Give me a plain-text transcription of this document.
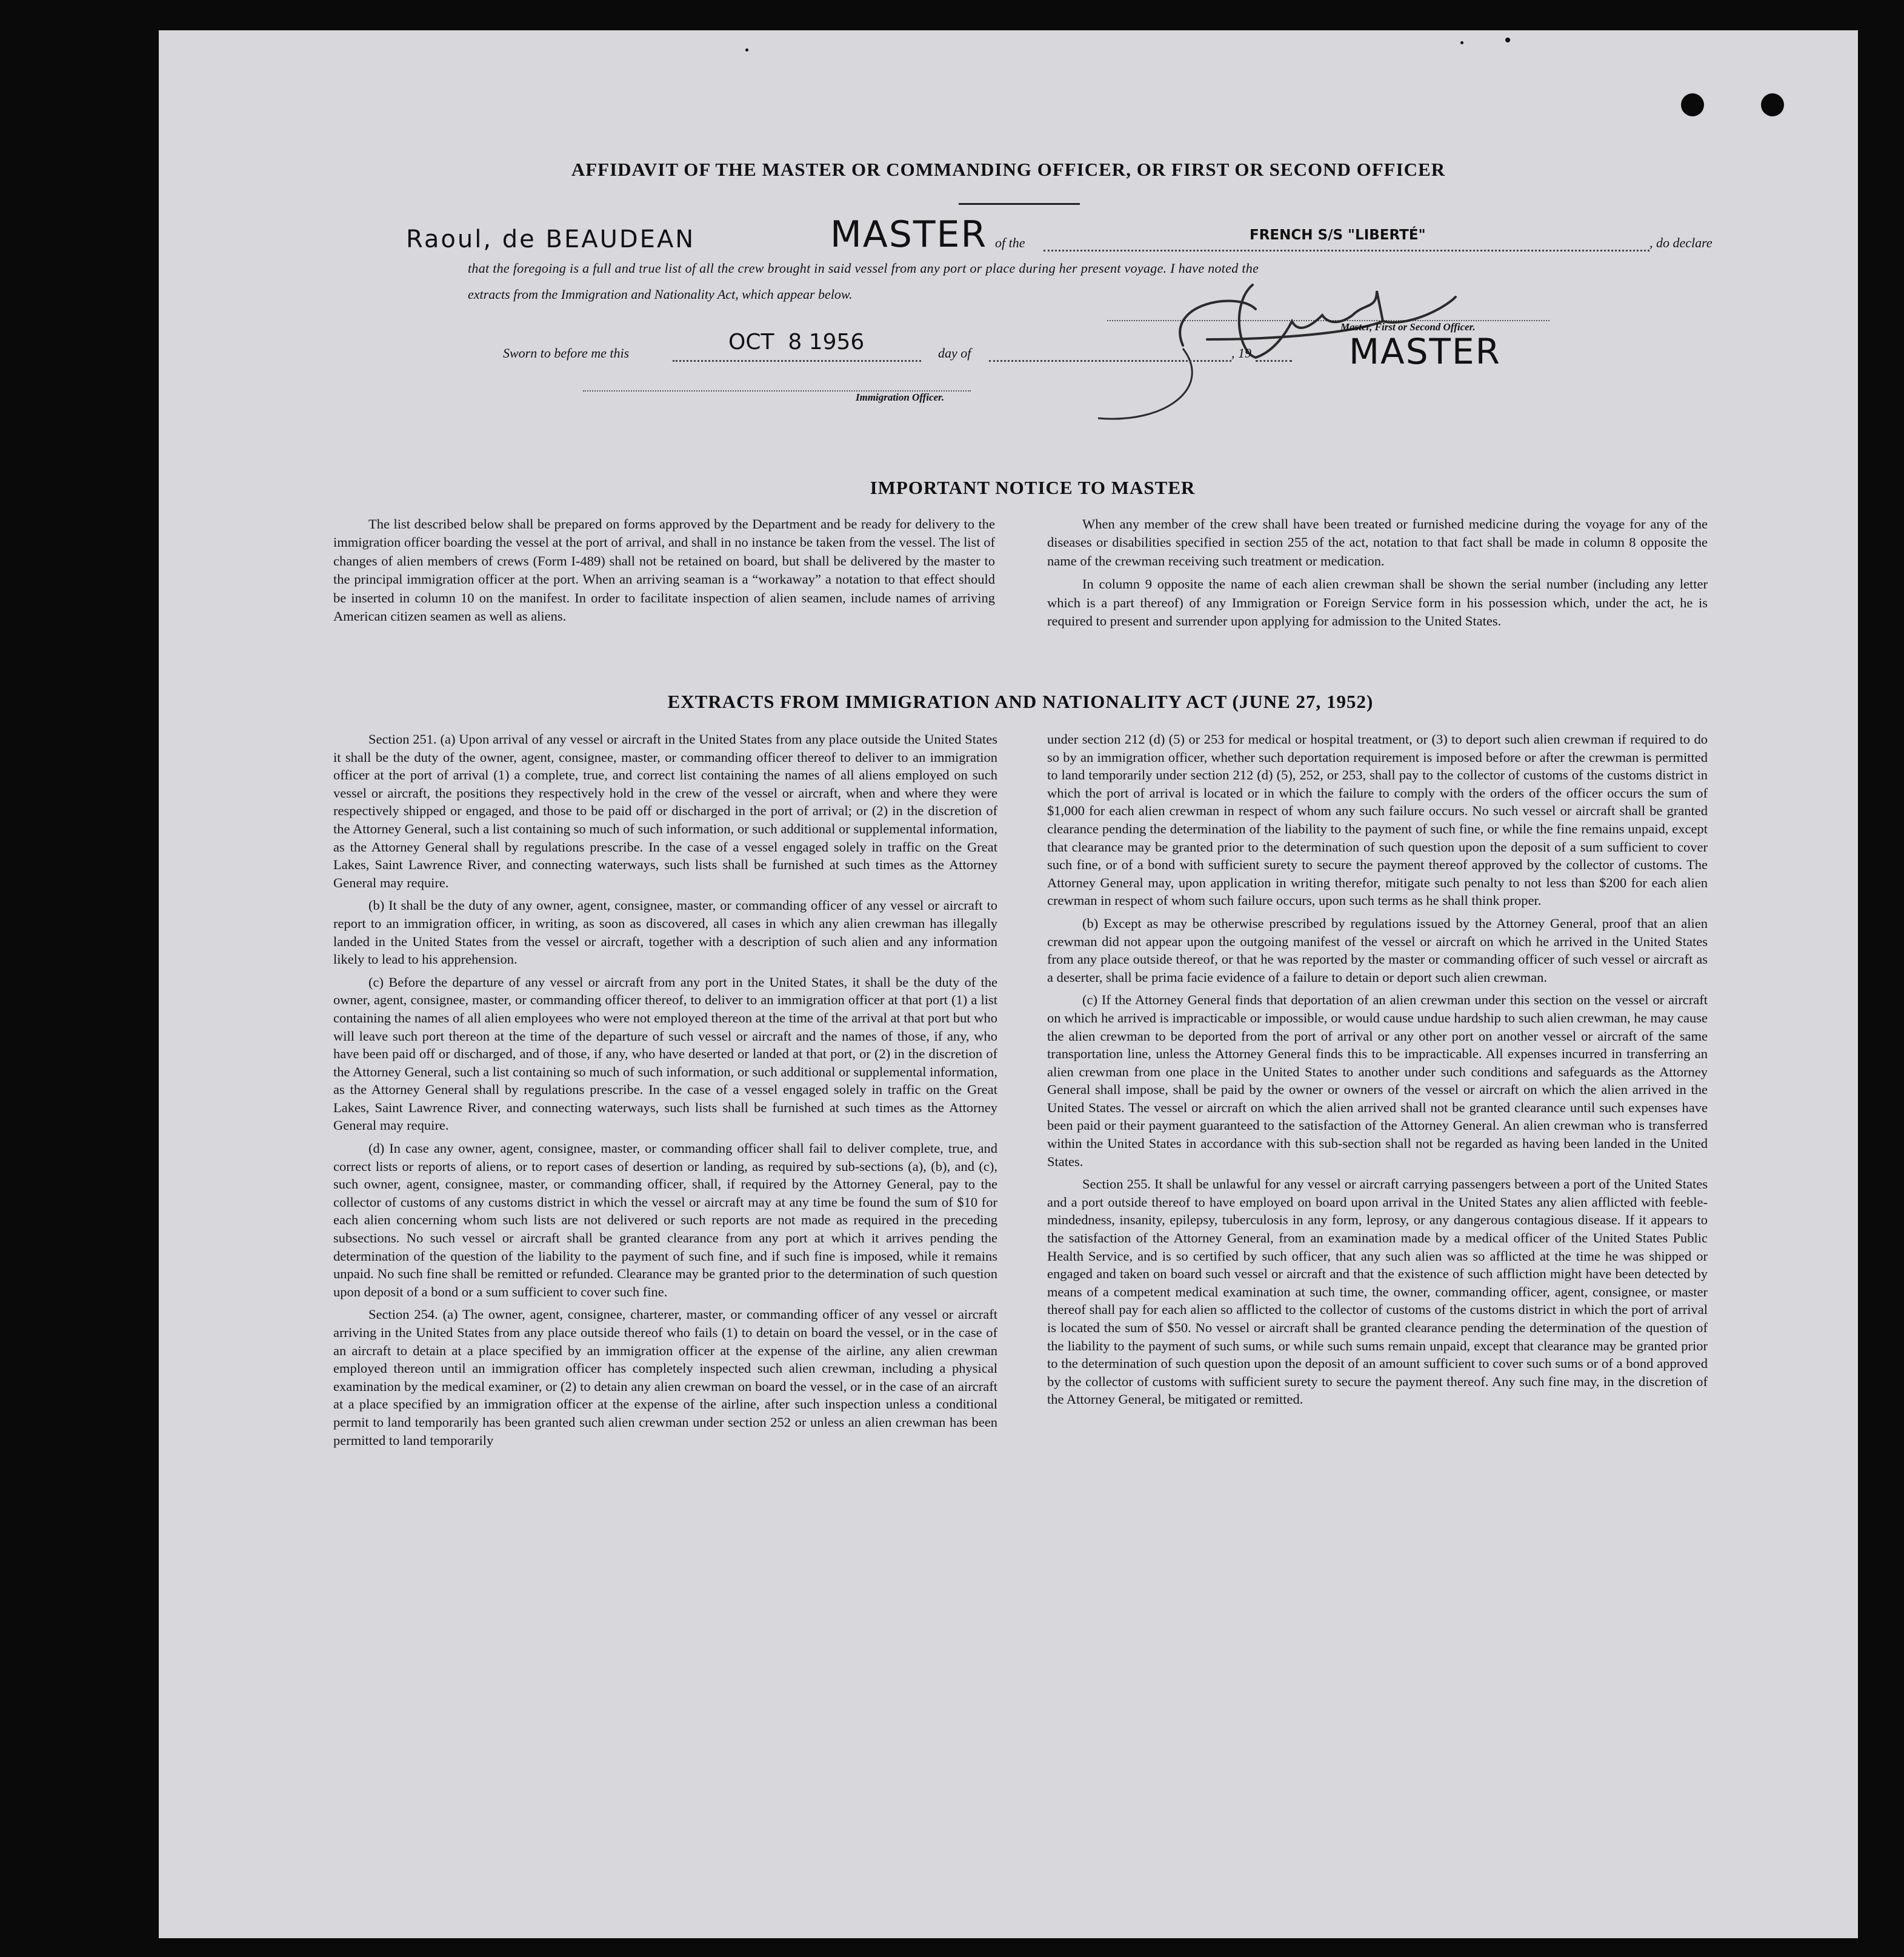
AFFIDAVIT OF THE MASTER OR COMMANDING OFFICER, OR FIRST OR SECOND OFFICER
Raoul, de BEAUDEAN	MASTER of the	FRENCH S/S "LIBERTÉ"	, do declare
that the foregoing is a full and true list of all the crew brought in said vessel from any port or place during her present voyage. I have noted the
extracts from the Immigration and Nationality Act, which appear below.
Master, First or Second Officer.
MASTER
Sworn to before me this	OCT  8 1956	day of	, 19
Immigration Officer.
IMPORTANT NOTICE TO MASTER

The list described below shall be prepared on forms approved by the Department and be ready for delivery to the immigration officer boarding the vessel at the port of arrival, and shall in no instance be taken from the vessel. The list of changes of alien members of crews (Form I-489) shall not be retained on board, but shall be delivered by the master to the principal immigration officer at the port. When an arriving seaman is a “workaway” a notation to that effect should be inserted in column 10 on the manifest. In order to facilitate inspection of alien seamen, include names of arriving American citizen seamen as well as aliens.

When any member of the crew shall have been treated or furnished medicine during the voyage for any of the diseases or disabilities specified in section 255 of the act, notation to that fact shall be made in column 8 opposite the name of the crewman receiving such treatment or medication.

In column 9 opposite the name of each alien crewman shall be shown the serial number (including any letter which is a part thereof) of any Immigration or Foreign Service form in his possession which, under the act, he is required to present and surrender upon applying for admission to the United States.

EXTRACTS FROM IMMIGRATION AND NATIONALITY ACT (JUNE 27, 1952)

Section 251. (a) Upon arrival of any vessel or aircraft in the United States from any place outside the United States it shall be the duty of the owner, agent, consignee, master, or commanding officer thereof to deliver to an immigration officer at the port of arrival (1) a complete, true, and correct list containing the names of all aliens employed on such vessel or aircraft, the positions they respectively hold in the crew of the vessel or aircraft, when and where they were respectively shipped or engaged, and those to be paid off or discharged in the port of arrival; or (2) in the discretion of the Attorney General, such a list containing so much of such information, or such additional or supplemental information, as the Attorney General shall by regulations prescribe. In the case of a vessel engaged solely in traffic on the Great Lakes, Saint Lawrence River, and connecting waterways, such lists shall be furnished at such times as the Attorney General may require.

(b) It shall be the duty of any owner, agent, consignee, master, or commanding officer of any vessel or aircraft to report to an immigration officer, in writing, as soon as discovered, all cases in which any alien crewman has illegally landed in the United States from the vessel or aircraft, together with a description of such alien and any information likely to lead to his apprehension.

(c) Before the departure of any vessel or aircraft from any port in the United States, it shall be the duty of the owner, agent, consignee, master, or commanding officer thereof, to deliver to an immigration officer at that port (1) a list containing the names of all alien employees who were not employed thereon at the time of the arrival at that port but who will leave such port thereon at the time of the departure of such vessel or aircraft and the names of those, if any, who have been paid off or discharged, and of those, if any, who have deserted or landed at that port, or (2) in the discretion of the Attorney General, such a list containing so much of such information, or such additional or supplemental information, as the Attorney General shall by regulations prescribe. In the case of a vessel engaged solely in traffic on the Great Lakes, Saint Lawrence River, and connecting waterways, such lists shall be furnished at such times as the Attorney General may require.

(d) In case any owner, agent, consignee, master, or commanding officer shall fail to deliver complete, true, and correct lists or reports of aliens, or to report cases of desertion or landing, as required by sub-sections (a), (b), and (c), such owner, agent, consignee, master, or commanding officer, shall, if required by the Attorney General, pay to the collector of customs of any customs district in which the vessel or aircraft may at any time be found the sum of $10 for each alien concerning whom such lists are not delivered or such reports are not made as required in the preceding subsections. No such vessel or aircraft shall be granted clearance from any port at which it arrives pending the determination of the question of the liability to the payment of such fine, and if such fine is imposed, while it remains unpaid. No such fine shall be remitted or refunded. Clearance may be granted prior to the determination of such question upon deposit of a bond or a sum sufficient to cover such fine.

Section 254. (a) The owner, agent, consignee, charterer, master, or commanding officer of any vessel or aircraft arriving in the United States from any place outside thereof who fails (1) to detain on board the vessel, or in the case of an aircraft to detain at a place specified by an immigration officer at the expense of the airline, any alien crewman employed thereon until an immigration officer has completely inspected such alien crewman, including a physical examination by the medical examiner, or (2) to detain any alien crewman on board the vessel, or in the case of an aircraft at a place specified by an immigration officer at the expense of the airline, after such inspection unless a conditional permit to land temporarily has been granted such alien crewman under section 252 or unless an alien crewman has been permitted to land temporarily

under section 212 (d) (5) or 253 for medical or hospital treatment, or (3) to deport such alien crewman if required to do so by an immigration officer, whether such deportation requirement is imposed before or after the crewman is permitted to land temporarily under section 212 (d) (5), 252, or 253, shall pay to the collector of customs of the customs district in which the port of arrival is located or in which the failure to comply with the orders of the officer occurs the sum of $1,000 for each alien crewman in respect of whom any such failure occurs. No such vessel or aircraft shall be granted clearance pending the determination of the liability to the payment of such fine, or while the fine remains unpaid, except that clearance may be granted prior to the determination of such question upon the deposit of a sum sufficient to cover such fine, or of a bond with sufficient surety to secure the payment thereof approved by the collector of customs. The Attorney General may, upon application in writing therefor, mitigate such penalty to not less than $200 for each alien crewman in respect of whom such failure occurs, upon such terms as he shall think proper.

(b) Except as may be otherwise prescribed by regulations issued by the Attorney General, proof that an alien crewman did not appear upon the outgoing manifest of the vessel or aircraft on which he arrived in the United States from any place outside thereof, or that he was reported by the master or commanding officer of such vessel or aircraft as a deserter, shall be prima facie evidence of a failure to detain or deport such alien crewman.

(c) If the Attorney General finds that deportation of an alien crewman under this section on the vessel or aircraft on which he arrived is impracticable or impossible, or would cause undue hardship to such alien crewman, he may cause the alien crewman to be deported from the port of arrival or any other port on another vessel or aircraft of the same transportation line, unless the Attorney General finds this to be impracticable. All expenses incurred in transferring an alien crewman from one place in the United States to another under such conditions and safeguards as the Attorney General shall impose, shall be paid by the owner or owners of the vessel or aircraft on which the alien arrived in the United States. The vessel or aircraft on which the alien arrived shall not be granted clearance until such expenses have been paid or their payment guaranteed to the satisfaction of the Attorney General. An alien crewman who is transferred within the United States in accordance with this sub-section shall not be regarded as having been landed in the United States.

Section 255. It shall be unlawful for any vessel or aircraft carrying passengers between a port of the United States and a port outside thereof to have employed on board upon arrival in the United States any alien afflicted with feeble-mindedness, insanity, epilepsy, tuberculosis in any form, leprosy, or any dangerous contagious disease. If it appears to the satisfaction of the Attorney General, from an examination made by a medical officer of the United States Public Health Service, and is so certified by such officer, that any such alien was so afflicted at the time he was shipped or engaged and taken on board such vessel or aircraft and that the existence of such affliction might have been detected by means of a competent medical examination at such time, the owner, commanding officer, agent, consignee, or master thereof shall pay for each alien so afflicted to the collector of customs of the customs district in which the port of arrival is located the sum of $50. No vessel or aircraft shall be granted clearance pending the determination of the question of the liability to the payment of such sums, or while such sums remain unpaid, except that clearance may be granted prior to the determination of such question upon the deposit of an amount sufficient to cover such sums or of a bond approved by the collector of customs with sufficient surety to secure the payment thereof. Any such fine may, in the discretion of the Attorney General, be mitigated or remitted.
